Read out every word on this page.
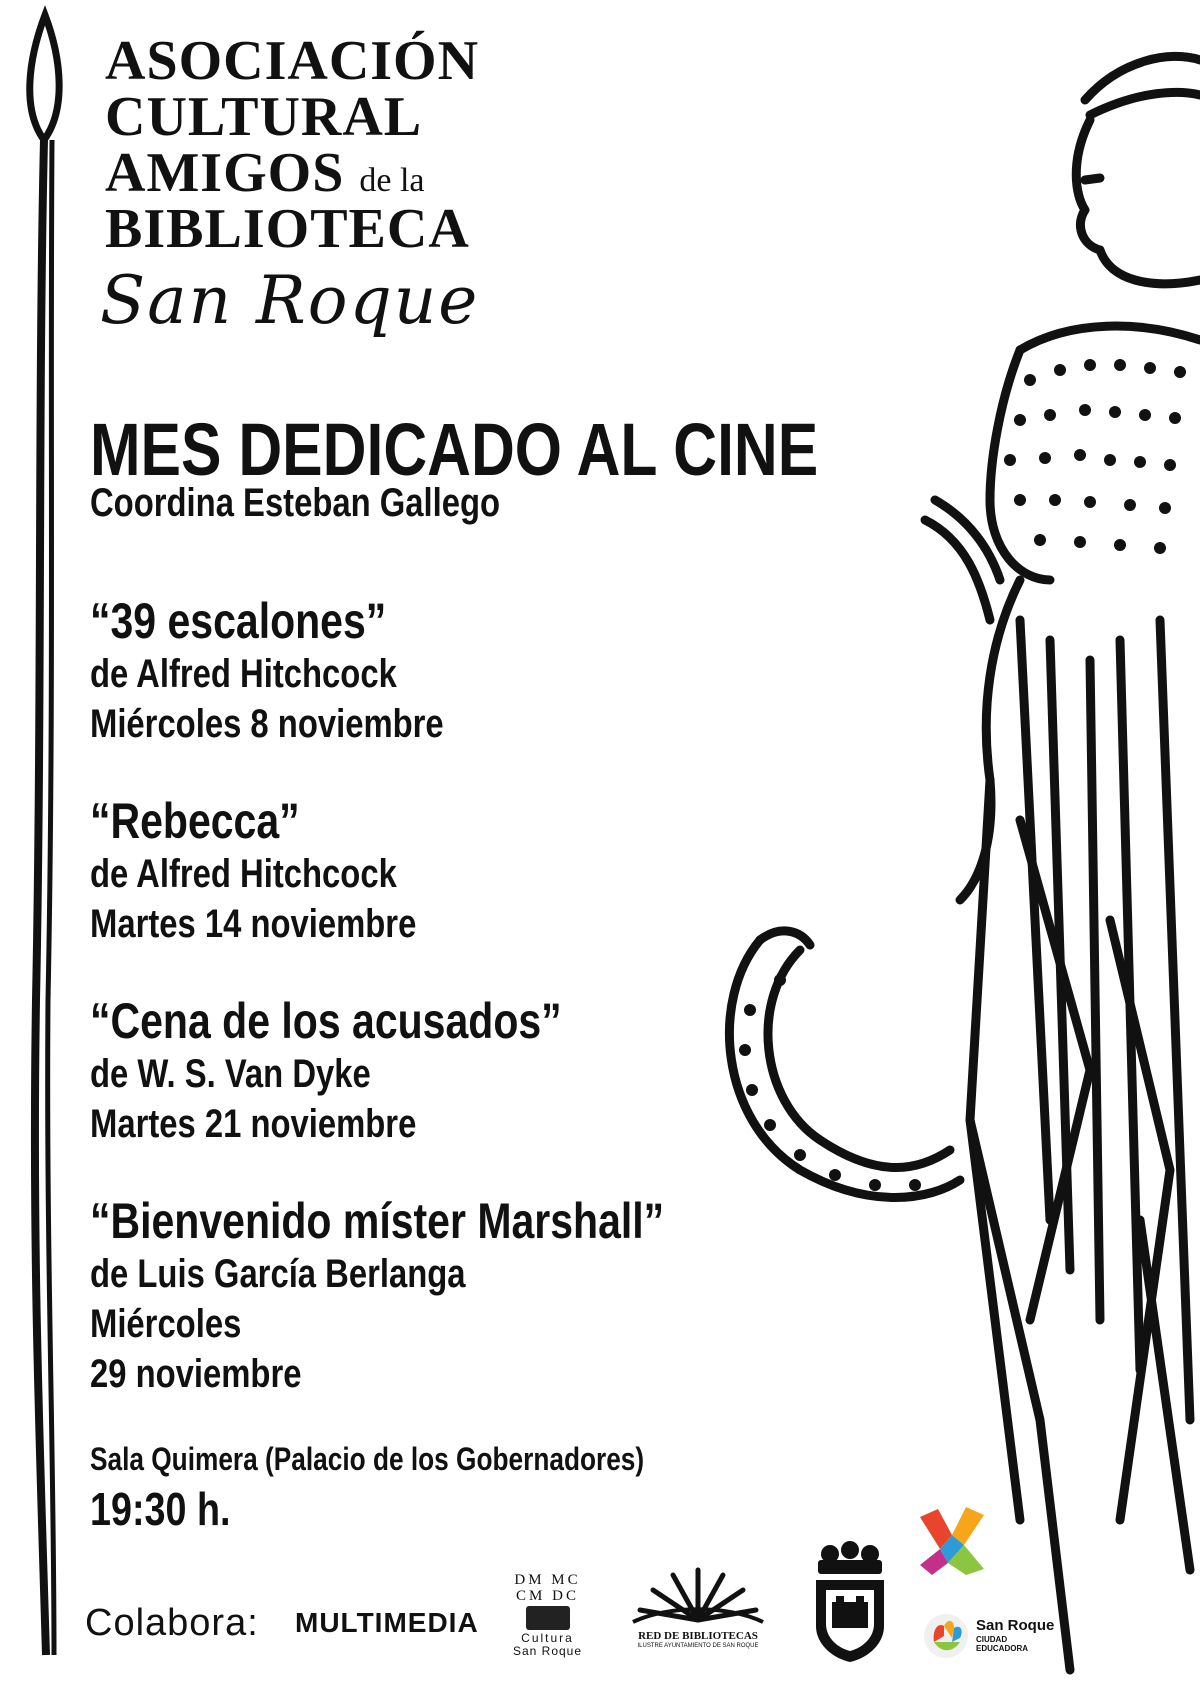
ASOCIACIÓN
CULTURAL
AMIGOS de la
BIBLIOTECA
San Roque
MES DEDICADO AL CINE
Coordina Esteban Gallego
“39 escalones”
de Alfred Hitchcock
Miércoles 8 noviembre
“Rebecca”
de Alfred Hitchcock
Martes 14 noviembre
“Cena de los acusados”
de W. S. Van Dyke
Martes 21 noviembre
“Bienvenido míster Marshall”
de Luis García Berlanga
Miércoles
29 noviembre
Sala Quimera (Palacio de los Gobernadores)
19:30 h.
Colabora: MULTIMEDIA
DM MC CM DC
Cultura
San Roque
RED DE BIBLIOTECAS
ILUSTRE AYUNTAMIENTO DE SAN ROQUE
San Roque
CIUDAD
EDUCADORA
